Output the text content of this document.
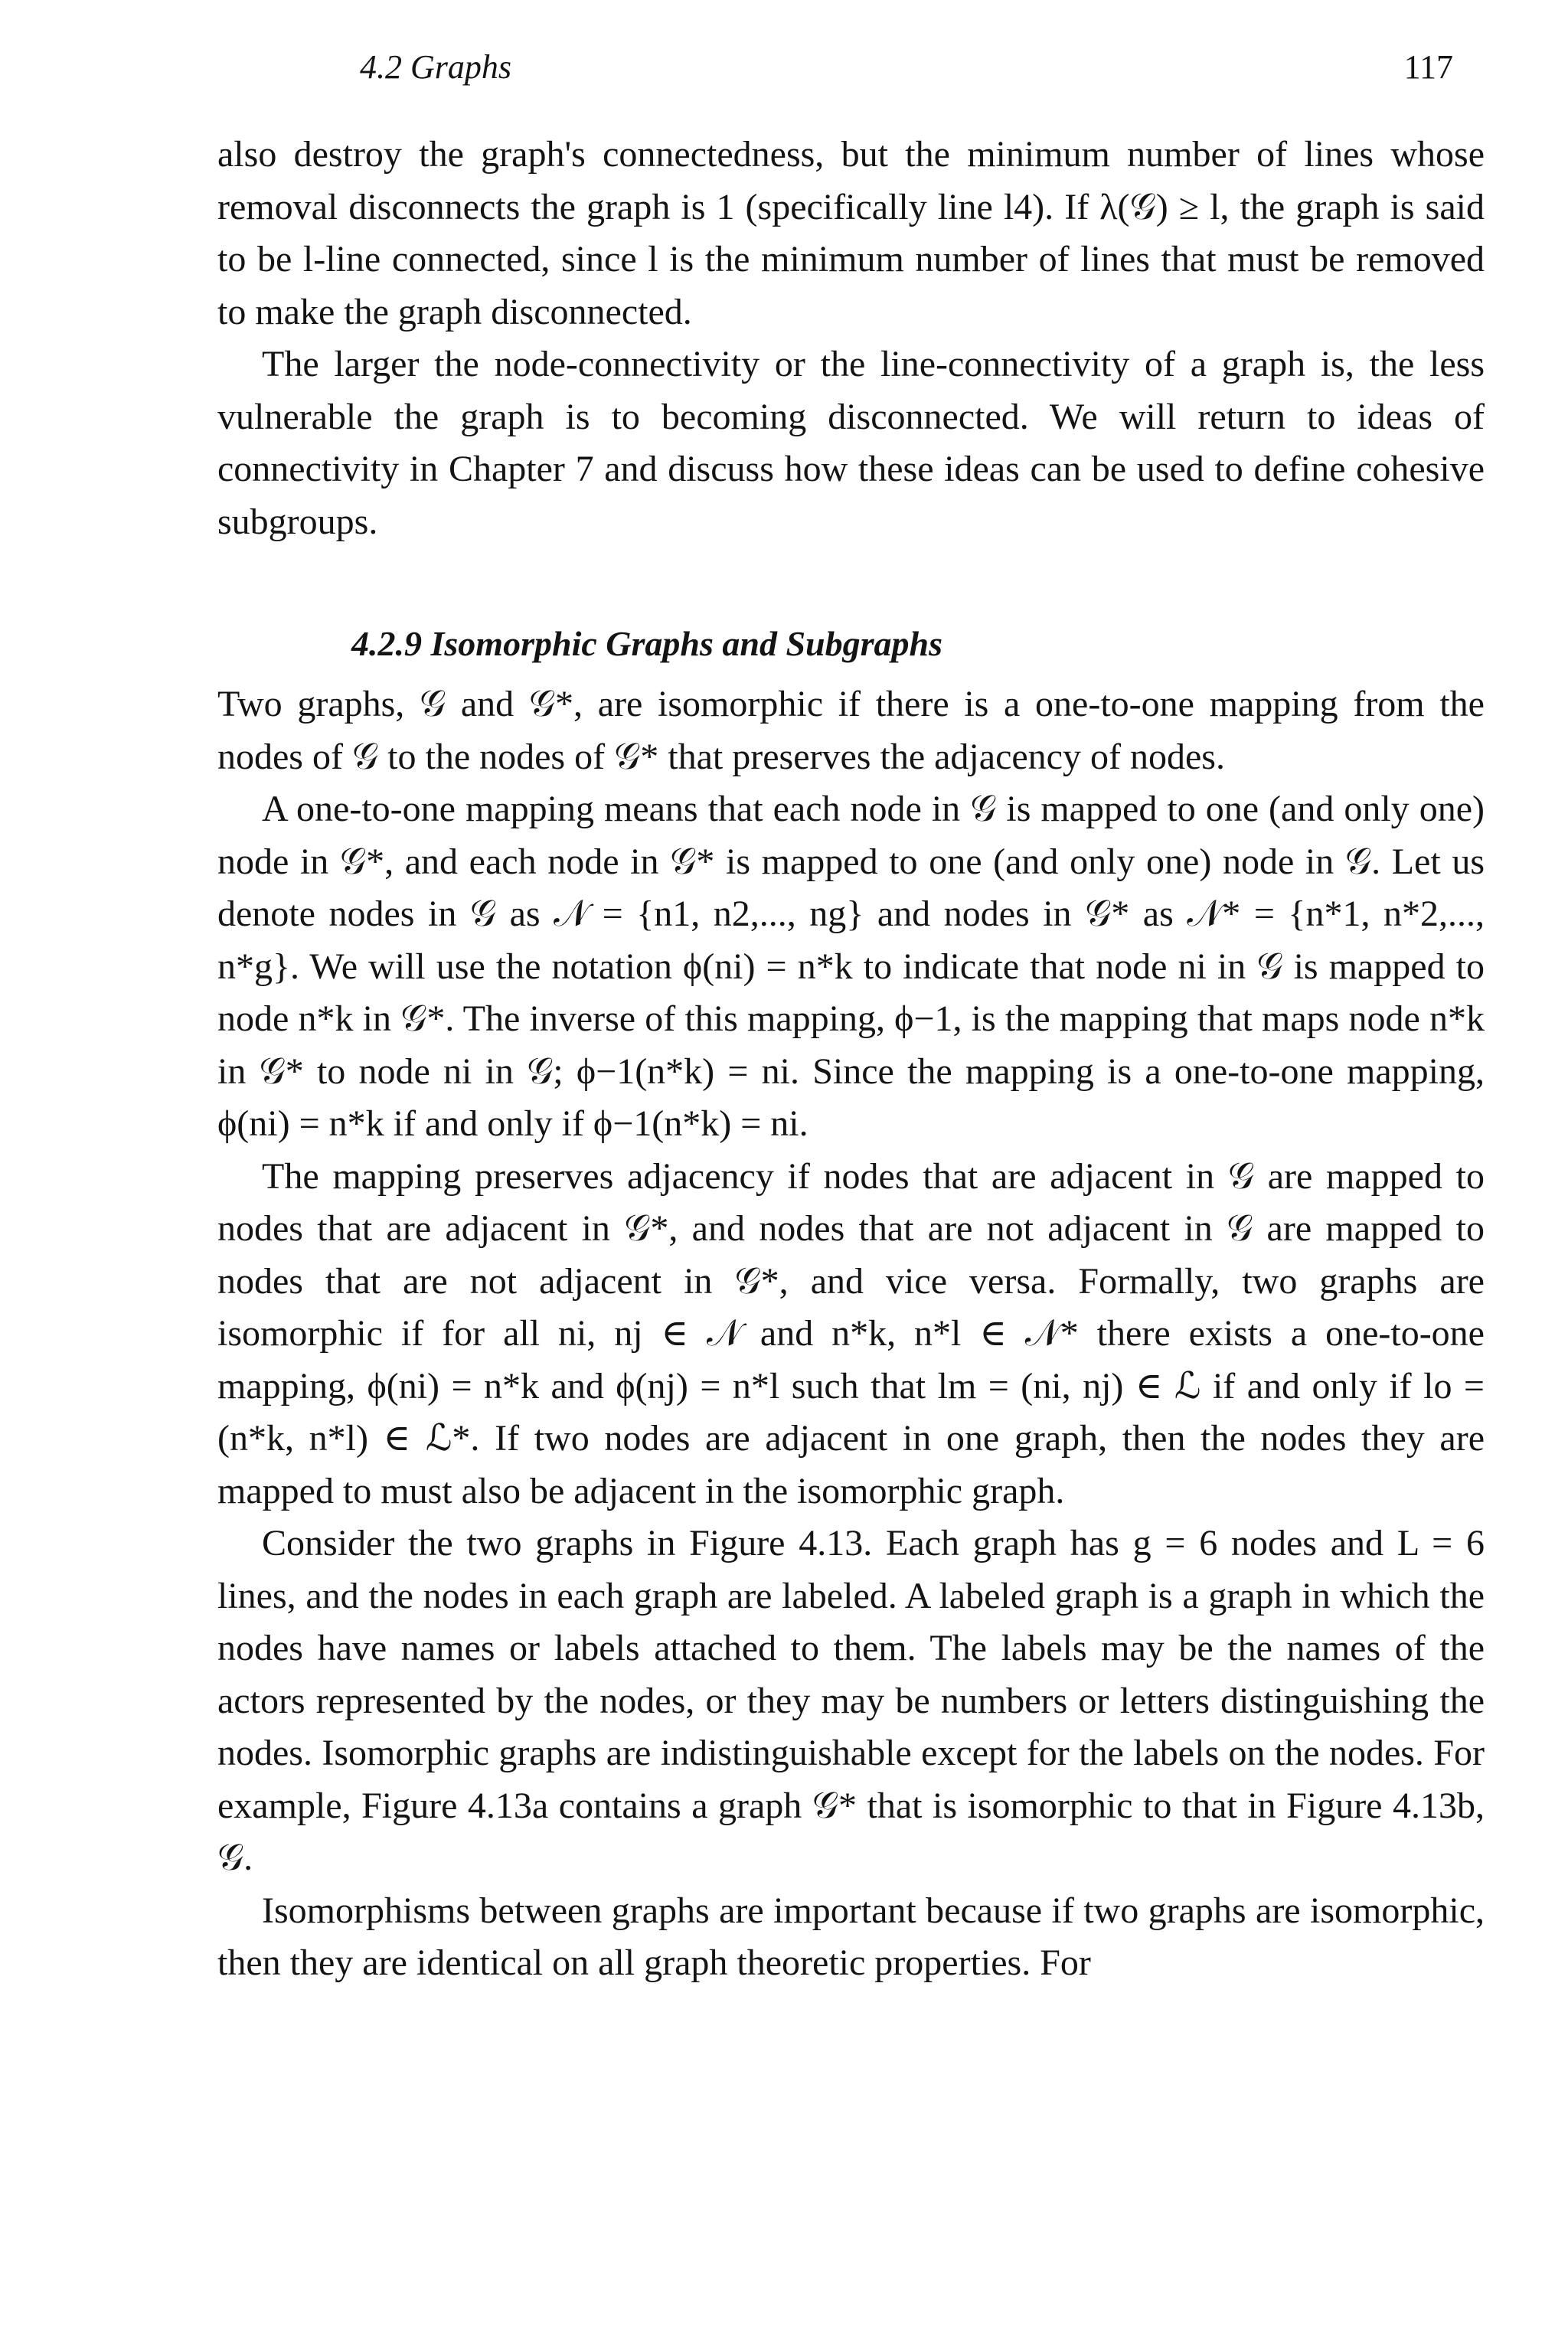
4.2 Graphs	117

also destroy the graph's connectedness, but the minimum number of lines whose removal disconnects the graph is 1 (specifically line l4). If λ(𝒢) ≥ l, the graph is said to be l-line connected, since l is the minimum number of lines that must be removed to make the graph disconnected.

The larger the node-connectivity or the line-connectivity of a graph is, the less vulnerable the graph is to becoming disconnected. We will return to ideas of connectivity in Chapter 7 and discuss how these ideas can be used to define cohesive subgroups.

4.2.9 Isomorphic Graphs and Subgraphs

Two graphs, 𝒢 and 𝒢*, are isomorphic if there is a one-to-one mapping from the nodes of 𝒢 to the nodes of 𝒢* that preserves the adjacency of nodes.

A one-to-one mapping means that each node in 𝒢 is mapped to one (and only one) node in 𝒢*, and each node in 𝒢* is mapped to one (and only one) node in 𝒢. Let us denote nodes in 𝒢 as 𝒩 = {n1, n2,..., ng} and nodes in 𝒢* as 𝒩* = {n*1, n*2,..., n*g}. We will use the notation ϕ(ni) = n*k to indicate that node ni in 𝒢 is mapped to node n*k in 𝒢*. The inverse of this mapping, ϕ−1, is the mapping that maps node n*k in 𝒢* to node ni in 𝒢; ϕ−1(n*k) = ni. Since the mapping is a one-to-one mapping, ϕ(ni) = n*k if and only if ϕ−1(n*k) = ni.

The mapping preserves adjacency if nodes that are adjacent in 𝒢 are mapped to nodes that are adjacent in 𝒢*, and nodes that are not adjacent in 𝒢 are mapped to nodes that are not adjacent in 𝒢*, and vice versa. Formally, two graphs are isomorphic if for all ni, nj ∈ 𝒩 and n*k, n*l ∈ 𝒩* there exists a one-to-one mapping, ϕ(ni) = n*k and ϕ(nj) = n*l such that lm = (ni, nj) ∈ ℒ if and only if lo = (n*k, n*l) ∈ ℒ*. If two nodes are adjacent in one graph, then the nodes they are mapped to must also be adjacent in the isomorphic graph.

Consider the two graphs in Figure 4.13. Each graph has g = 6 nodes and L = 6 lines, and the nodes in each graph are labeled. A labeled graph is a graph in which the nodes have names or labels attached to them. The labels may be the names of the actors represented by the nodes, or they may be numbers or letters distinguishing the nodes. Isomorphic graphs are indistinguishable except for the labels on the nodes. For example, Figure 4.13a contains a graph 𝒢* that is isomorphic to that in Figure 4.13b, 𝒢.

Isomorphisms between graphs are important because if two graphs are isomorphic, then they are identical on all graph theoretic properties. For
